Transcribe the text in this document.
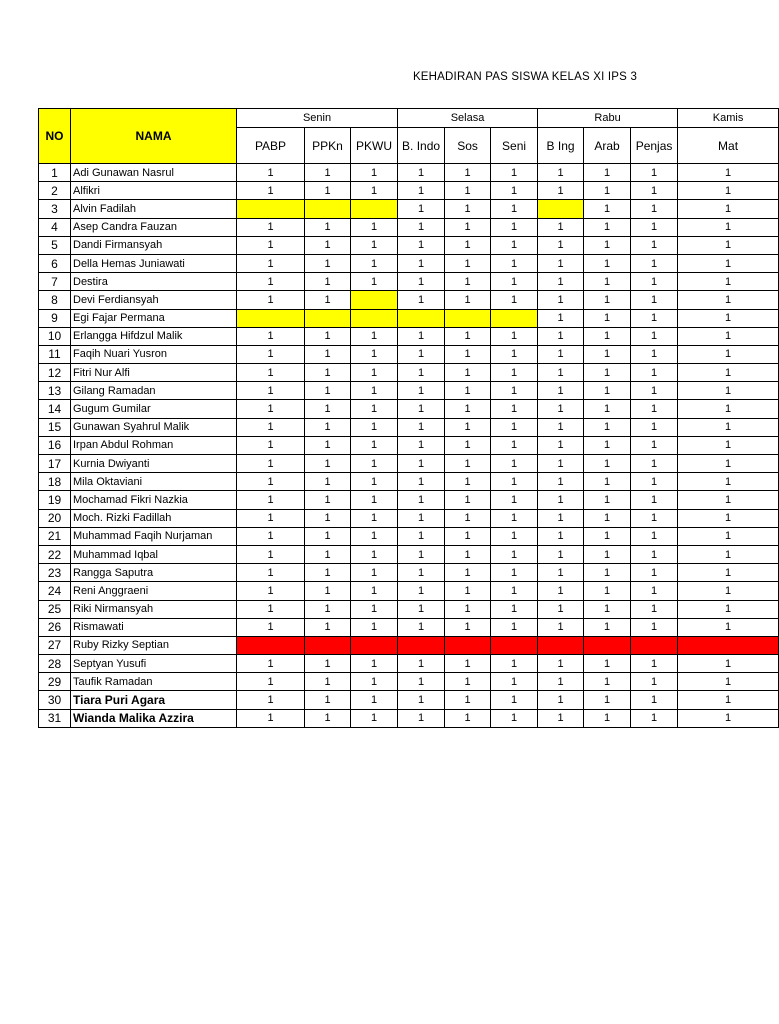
KEHADIRAN PAS SISWA KELAS XI IPS 3
NO	NAMA	Senin			Selasa			Rabu			Kamis
		PABP	PPKn	PKWU	B. Indo	Sos	Seni	B Ing	Arab	Penjas	Mat
1	Adi Gunawan Nasrul	1	1	1	1	1	1	1	1	1	1
2	Alfikri	1	1	1	1	1	1	1	1	1	1
3	Alvin Fadilah				1	1	1		1	1	1
4	Asep Candra Fauzan	1	1	1	1	1	1	1	1	1	1
5	Dandi Firmansyah	1	1	1	1	1	1	1	1	1	1
6	Della Hemas Juniawati	1	1	1	1	1	1	1	1	1	1
7	Destira	1	1	1	1	1	1	1	1	1	1
8	Devi Ferdiansyah	1	1		1	1	1	1	1	1	1
9	Egi Fajar Permana							1	1	1	1
10	Erlangga Hifdzul Malik	1	1	1	1	1	1	1	1	1	1
11	Faqih Nuari Yusron	1	1	1	1	1	1	1	1	1	1
12	Fitri Nur Alfi	1	1	1	1	1	1	1	1	1	1
13	Gilang Ramadan	1	1	1	1	1	1	1	1	1	1
14	Gugum Gumilar	1	1	1	1	1	1	1	1	1	1
15	Gunawan Syahrul Malik	1	1	1	1	1	1	1	1	1	1
16	Irpan Abdul Rohman	1	1	1	1	1	1	1	1	1	1
17	Kurnia Dwiyanti	1	1	1	1	1	1	1	1	1	1
18	Mila Oktaviani	1	1	1	1	1	1	1	1	1	1
19	Mochamad Fikri Nazkia	1	1	1	1	1	1	1	1	1	1
20	Moch. Rizki Fadillah	1	1	1	1	1	1	1	1	1	1
21	Muhammad Faqih Nurjaman	1	1	1	1	1	1	1	1	1	1
22	Muhammad Iqbal	1	1	1	1	1	1	1	1	1	1
23	Rangga Saputra	1	1	1	1	1	1	1	1	1	1
24	Reni Anggraeni	1	1	1	1	1	1	1	1	1	1
25	Riki Nirmansyah	1	1	1	1	1	1	1	1	1	1
26	Rismawati	1	1	1	1	1	1	1	1	1	1
27	Ruby Rizky Septian										
28	Septyan Yusufi	1	1	1	1	1	1	1	1	1	1
29	Taufik Ramadan	1	1	1	1	1	1	1	1	1	1
30	Tiara Puri Agara	1	1	1	1	1	1	1	1	1	1
31	Wianda Malika Azzira	1	1	1	1	1	1	1	1	1	1
